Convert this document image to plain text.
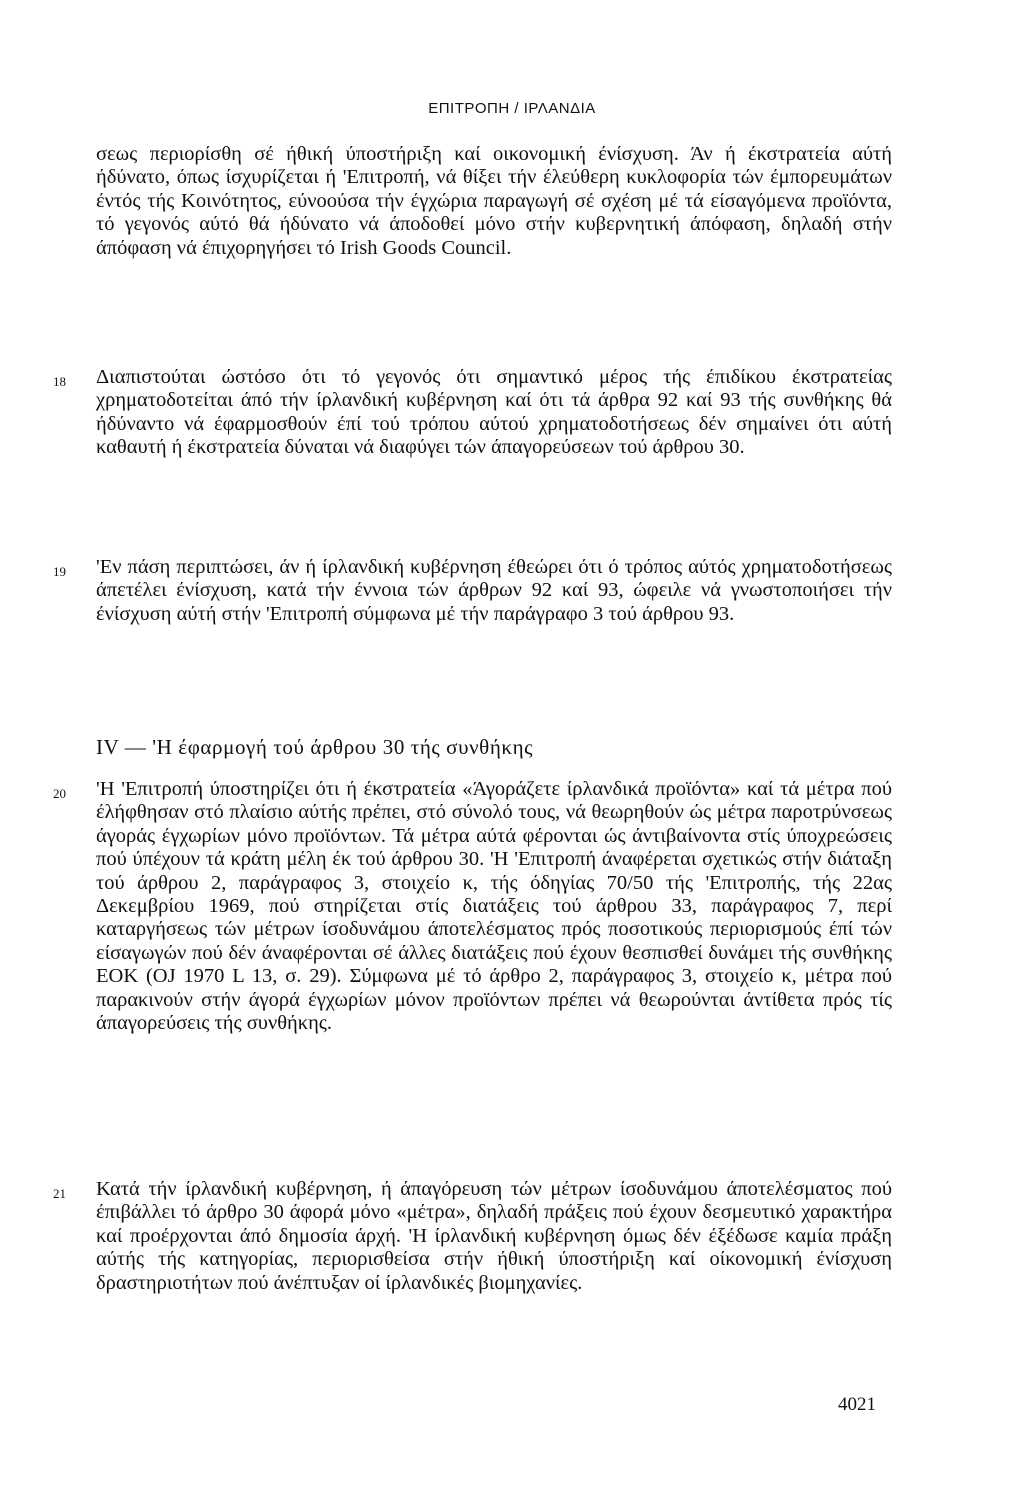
ΕΠΙΤΡΟΠΗ / ΙΡΛΑΝΔΙΑ
σεως περιορίσθη σέ ήθική ύποστήριξη καί οικονομική ένίσχυση. Άν ή έκστρατεία αύτή ήδύνατο, όπως ίσχυρίζεται ή 'Επιτροπή, νά θίξει τήν έλεύθερη κυκλοφορία τών έμπορευμάτων έντός τής Κοινότητος, εύνοούσα τήν έγχώρια παραγωγή σέ σχέση μέ τά είσαγόμενα προϊόντα, τό γεγονός αύτό θά ήδύνατο νά άποδοθεί μόνο στήν κυβερνητική άπόφαση, δηλαδή στήν άπόφαση νά έπιχορηγήσει τό Irish Goods Council.
18 Διαπιστούται ώστόσο ότι τό γεγονός ότι σημαντικό μέρος τής έπιδίκου έκστρατείας χρηματοδοτείται άπό τήν ίρλανδική κυβέρνηση καί ότι τά άρθρα 92 καί 93 τής συνθήκης θά ήδύναντο νά έφαρμοσθούν έπί τού τρόπου αύτού χρηματοδοτήσεως δέν σημαίνει ότι αύτή καθαυτή ή έκστρατεία δύναται νά διαφύγει τών άπαγορεύσεων τού άρθρου 30.
19 'Εν πάση περιπτώσει, άν ή ίρλανδική κυβέρνηση έθεώρει ότι ό τρόπος αύτός χρηματοδοτήσεως άπετέλει ένίσχυση, κατά τήν έννοια τών άρθρων 92 καί 93, ώφειλε νά γνωστοποιήσει τήν ένίσχυση αύτή στήν 'Επιτροπή σύμφωνα μέ τήν παράγραφο 3 τού άρθρου 93.
IV — 'Η έφαρμογή τού άρθρου 30 τής συνθήκης
20 'Η 'Επιτροπή ύποστηρίζει ότι ή έκστρατεία «Άγοράζετε ίρλανδικά προϊόντα» καί τά μέτρα πού έλήφθησαν στό πλαίσιο αύτής πρέπει, στό σύνολό τους, νά θεωρηθούν ώς μέτρα παροτρύνσεως άγοράς έγχωρίων μόνο προϊόντων. Τά μέτρα αύτά φέρονται ώς άντιβαίνοντα στίς ύποχρεώσεις πού ύπέχουν τά κράτη μέλη έκ τού άρθρου 30. 'Η 'Επιτροπή άναφέρεται σχετικώς στήν διάταξη τού άρθρου 2, παράγραφος 3, στοιχείο κ, τής όδηγίας 70/50 τής 'Επιτροπής, τής 22ας Δεκεμβρίου 1969, πού στηρίζεται στίς διατάξεις τού άρθρου 33, παράγραφος 7, περί καταργήσεως τών μέτρων ίσοδυνάμου άποτελέσματος πρός ποσοτικούς περιορισμούς έπί τών είσαγωγών πού δέν άναφέρονται σέ άλλες διατάξεις πού έχουν θεσπισθεί δυνάμει τής συνθήκης ΕΟΚ (OJ 1970 L 13, σ. 29). Σύμφωνα μέ τό άρθρο 2, παράγραφος 3, στοιχείο κ, μέτρα πού παρακινούν στήν άγορά έγχωρίων μόνον προϊόντων πρέπει νά θεωρούνται άντίθετα πρός τίς άπαγορεύσεις τής συνθήκης.
21 Κατά τήν ίρλανδική κυβέρνηση, ή άπαγόρευση τών μέτρων ίσοδυνάμου άποτελέσματος πού έπιβάλλει τό άρθρο 30 άφορά μόνο «μέτρα», δηλαδή πράξεις πού έχουν δεσμευτικό χαρακτήρα καί προέρχονται άπό δημοσία άρχή. 'Η ίρλανδική κυβέρνηση όμως δέν έξέδωσε καμία πράξη αύτής τής κατηγορίας, περιορισθείσα στήν ήθική ύποστήριξη καί οίκονομική ένίσχυση δραστηριοτήτων πού άνέπτυξαν οί ίρλανδικές βιομηχανίες.
4021
